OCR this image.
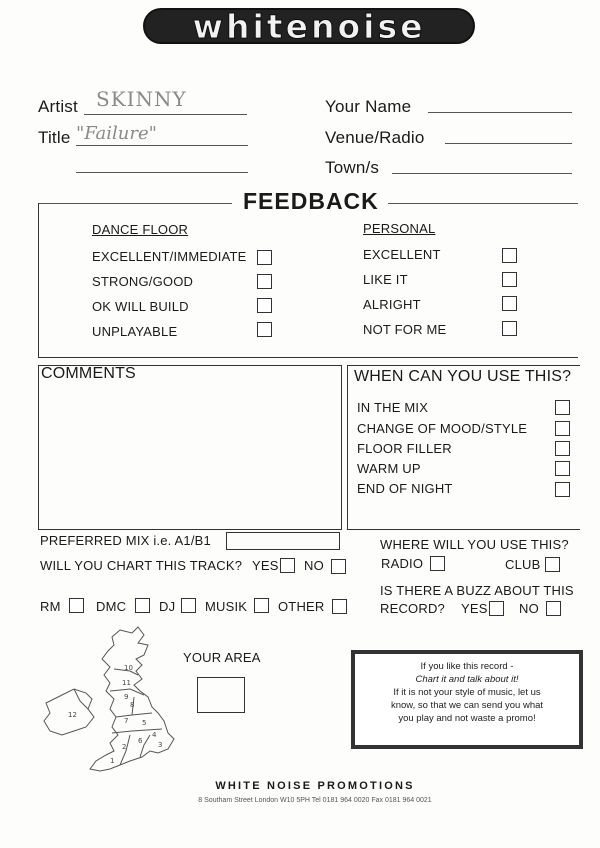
whitenoise
Artist SKINNY
Title "Failure"
Your Name
Venue/Radio
Town/s
FEEDBACK
DANCE FLOOR
EXCELLENT/IMMEDIATE
STRONG/GOOD
OK WILL BUILD
UNPLAYABLE
PERSONAL
EXCELLENT
LIKE IT
ALRIGHT
NOT FOR ME
COMMENTS	WHEN CAN YOU USE THIS?
IN THE MIX
CHANGE OF MOOD/STYLE
FLOOR FILLER
WARM UP
END OF NIGHT
PREFERRED MIX i.e. A1/B1
WILL YOU CHART THIS TRACK? YES NO
WHERE WILL YOU USE THIS?
RADIO	CLUB
IS THERE A BUZZ ABOUT THIS
RECORD? YES NO
RM	DMC	DJ MUSIK OTHER
10
11
9
8
7 5
4
6
2
1
3
12
YOUR AREA
If you like this record -
Chart it and talk about it!
If it is not your style of music, let us
know, so that we can send you what
you play and not waste a promo!
WHITE NOISE PROMOTIONS
8 Southam Street London W10 5PH Tel 0181 964 0020 Fax 0181 964 0021
